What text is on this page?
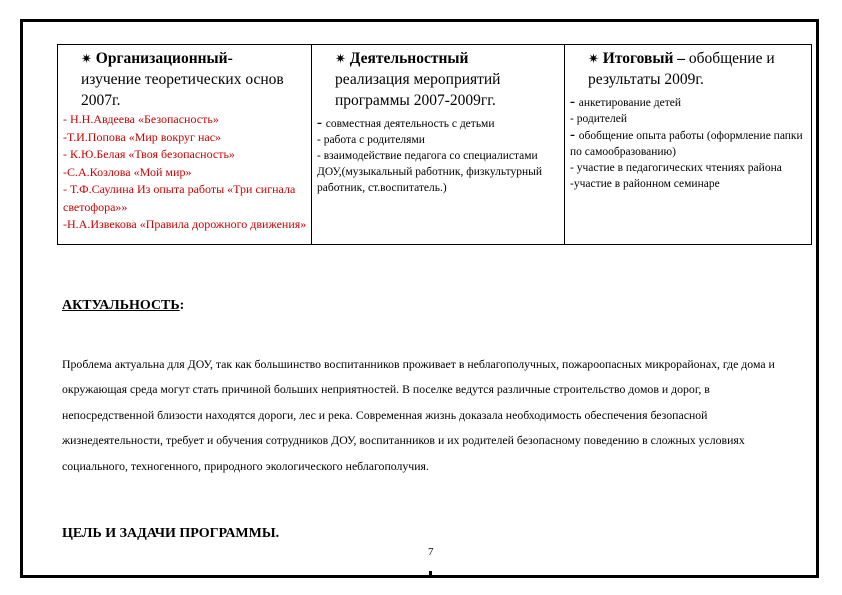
✷ Организационный-
изучение теоретических основ 2007г.
- Н.Н.Авдеева «Безопасность»
-Т.И.Попова «Мир вокруг нас»
- К.Ю.Белая «Твоя безопасность»
-С.А.Козлова «Мой мир»
- Т.Ф.Саулина Из опыта работы «Три сигнала светофора»»
-Н.А.Извекова «Правила дорожного движения»

✷ Деятельностный
реализация мероприятий программы 2007-2009гг.
- совместная деятельность с детьми
- работа с родителями
- взаимодействие педагога со специалистами ДОУ,(музыкальный работник, физкультурный работник, ст.воспитатель.)

✷ Итоговый – обобщение и результаты 2009г.
- анкетирование детей
- родителей
- обобщение опыта работы (оформление папки по самообразованию)
- участие в педагогических чтениях района
-участие в районном семинаре
АКТУАЛЬНОСТЬ:
Проблема актуальна для ДОУ, так как большинство воспитанников проживает в неблагополучных, пожароопасных микрорайонах, где дома и окружающая среда могут стать причиной больших неприятностей. В поселке ведутся различные строительство домов и дорог, в непосредственной близости находятся дороги, лес и река. Современная жизнь доказала необходимость обеспечения безопасной жизнедеятельности, требует и обучения сотрудников ДОУ, воспитанников и их родителей безопасному поведению в сложных условиях социального, техногенного, природного экологического неблагополучия.
ЦЕЛЬ И ЗАДАЧИ ПРОГРАММЫ.
7
